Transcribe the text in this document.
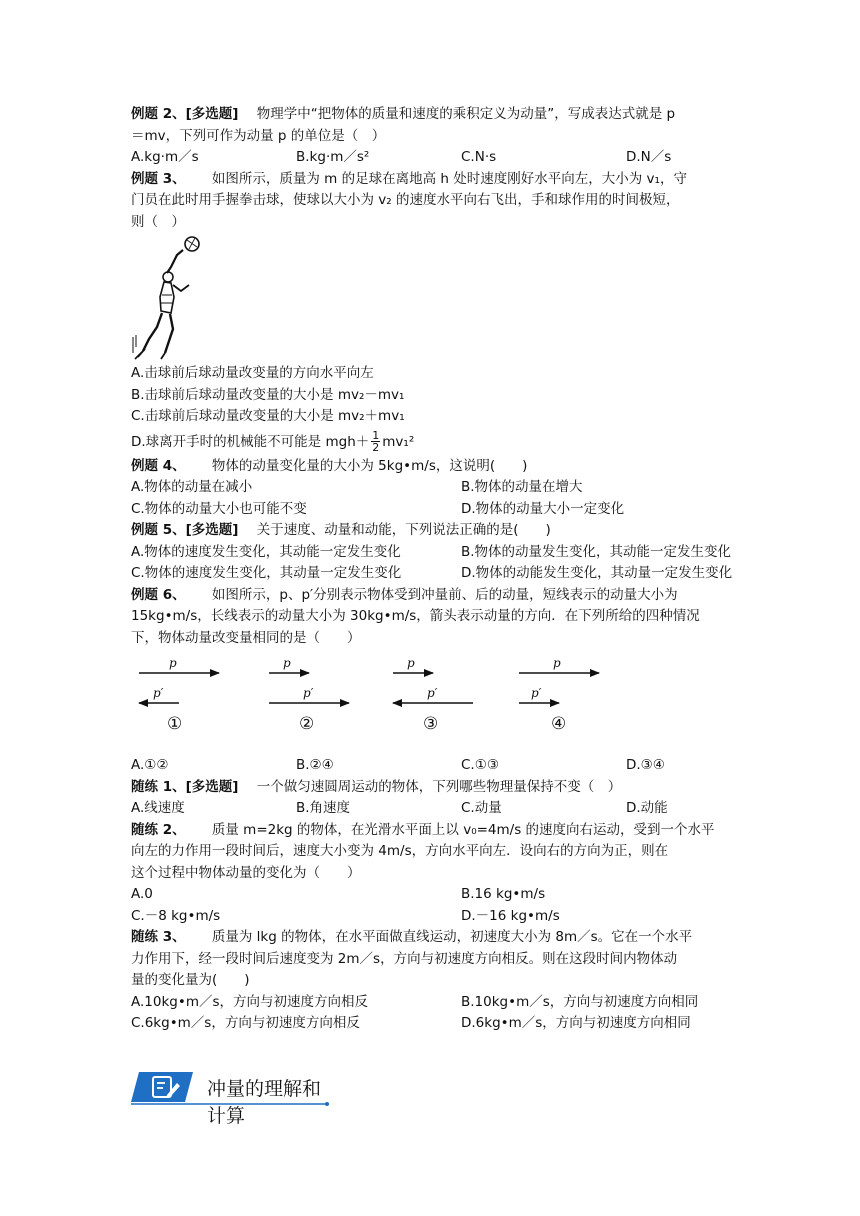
例题 2、[多选题] 物理学中“把物体的质量和速度的乘积定义为动量”，写成表达式就是 p
＝mv，下列可作为动量 p 的单位是（　）
A.kg·m／s	B.kg·m／s²	C.N·s	D.N／s
例题 3、 如图所示，质量为 m 的足球在离地高 h 处时速度刚好水平向左，大小为 v₁，守
门员在此时用手握拳击球，使球以大小为 v₂ 的速度水平向右飞出，手和球作用的时间极短，
则（　）
A.击球前后球动量改变量的方向水平向左
B.击球前后球动量改变量的大小是 mv₂－mv₁
C.击球前后球动量改变量的大小是 mv₂＋mv₁
D.球离开手时的机械能不可能是 $mgh+ \frac{1}{2} mv_1^2$
例题 4、 物体的动量变化量的大小为 5kg•m/s，这说明(　　)
A.物体的动量在减小	B.物体的动量在增大
C.物体的动量大小也可能不变	D.物体的动量大小一定变化
例题 5、[多选题] 关于速度、动量和动能，下列说法正确的是(　　)
A.物体的速度发生变化，其动能一定发生变化	B.物体的动量发生变化，其动能一定发生变化
C.物体的速度发生变化，其动量一定发生变化	D.物体的动能发生变化，其动量一定发生变化
例题 6、 如图所示，p、p′分别表示物体受到冲量前、后的动量，短线表示的动量大小为
15kg•m/s，长线表示的动量大小为 30kg•m/s，箭头表示动量的方向．在下列所给的四种情况
下，物体动量改变量相同的是（　　）
p
p′
p
p′
p
p′
p
p′
①	②	③	④
A.①②	B.②④	C.①③	D.③④
随练 1、[多选题] 一个做匀速圆周运动的物体，下列哪些物理量保持不变（　）
A.线速度	B.角速度	C.动量	D.动能
随练 2、 质量 m=2kg 的物体，在光滑水平面上以 v₀=4m/s 的速度向右运动，受到一个水平
向左的力作用一段时间后，速度大小变为 4m/s，方向水平向左．设向右的方向为正，则在
这个过程中物体动量的变化为（　　）
A.0	B.16 kg•m/s
C.－8 kg•m/s	D.－16 kg•m/s
随练 3、 质量为 lkg 的物体，在水平面做直线运动，初速度大小为 8m／s。它在一个水平
力作用下，经一段时间后速度变为 2m／s，方向与初速度方向相反。则在这段时间内物体动
量的变化量为(　　)
A.10kg•m／s，方向与初速度方向相反	B.10kg•m／s，方向与初速度方向相同
C.6kg•m／s，方向与初速度方向相反	D.6kg•m／s，方向与初速度方向相同
冲量的理解和计算
